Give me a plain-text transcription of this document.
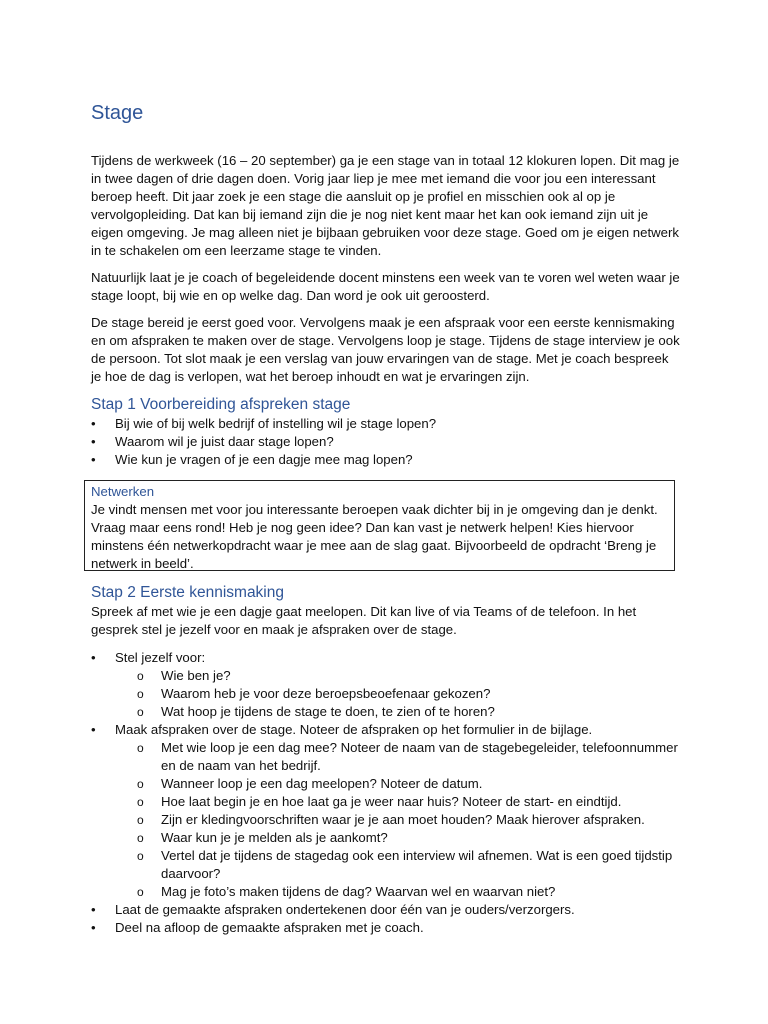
Stage

Tijdens de werkweek (16 – 20 september) ga je een stage van in totaal 12 klokuren lopen. Dit mag je in twee dagen of drie dagen doen. Vorig jaar liep je mee met iemand die voor jou een interessant beroep heeft. Dit jaar zoek je een stage die aansluit op je profiel en misschien ook al op je vervolgopleiding. Dat kan bij iemand zijn die je nog niet kent maar het kan ook iemand zijn uit je eigen omgeving. Je mag alleen niet je bijbaan gebruiken voor deze stage. Goed om je eigen netwerk in te schakelen om een leerzame stage te vinden.

Natuurlijk laat je je coach of begeleidende docent minstens een week van te voren wel weten waar je stage loopt, bij wie en op welke dag. Dan word je ook uit geroosterd.

De stage bereid je eerst goed voor. Vervolgens maak je een afspraak voor een eerste kennismaking en om afspraken te maken over de stage. Vervolgens loop je stage. Tijdens de stage interview je ook de persoon. Tot slot maak je een verslag van jouw ervaringen van de stage. Met je coach bespreek je hoe de dag is verlopen, wat het beroep inhoudt en wat je ervaringen zijn.

Stap 1 Voorbereiding afspreken stage
•	Bij wie of bij welk bedrijf of instelling wil je stage lopen?
•	Waarom wil je juist daar stage lopen?
•	Wie kun je vragen of je een dagje mee mag lopen?
Netwerken

Je vindt mensen met voor jou interessante beroepen vaak dichter bij in je omgeving dan je denkt. Vraag maar eens rond! Heb je nog geen idee? Dan kan vast je netwerk helpen! Kies hiervoor minstens één netwerkopdracht waar je mee aan de slag gaat. Bijvoorbeeld de opdracht ‘Breng je netwerk in beeld’.

Stap 2 Eerste kennismaking

Spreek af met wie je een dagje gaat meelopen. Dit kan live of via Teams of de telefoon. In het gesprek stel je jezelf voor en maak je afspraken over de stage.

•	Stel jezelf voor:
o	Wie ben je?
o	Waarom heb je voor deze beroepsbeoefenaar gekozen?
o	Wat hoop je tijdens de stage te doen, te zien of te horen?
•	Maak afspraken over de stage. Noteer de afspraken op het formulier in de bijlage.
o	Met wie loop je een dag mee? Noteer de naam van de stagebegeleider, telefoonnummer en de naam van het bedrijf.
o	Wanneer loop je een dag meelopen? Noteer de datum.
o	Hoe laat begin je en hoe laat ga je weer naar huis? Noteer de start- en eindtijd.
o	Zijn er kledingvoorschriften waar je je aan moet houden? Maak hierover afspraken.
o	Waar kun je je melden als je aankomt?
o	Vertel dat je tijdens de stagedag ook een interview wil afnemen. Wat is een goed tijdstip daarvoor?
o	Mag je foto’s maken tijdens de dag? Waarvan wel en waarvan niet?
•	Laat de gemaakte afspraken ondertekenen door één van je ouders/verzorgers.
•	Deel na afloop de gemaakte afspraken met je coach.
